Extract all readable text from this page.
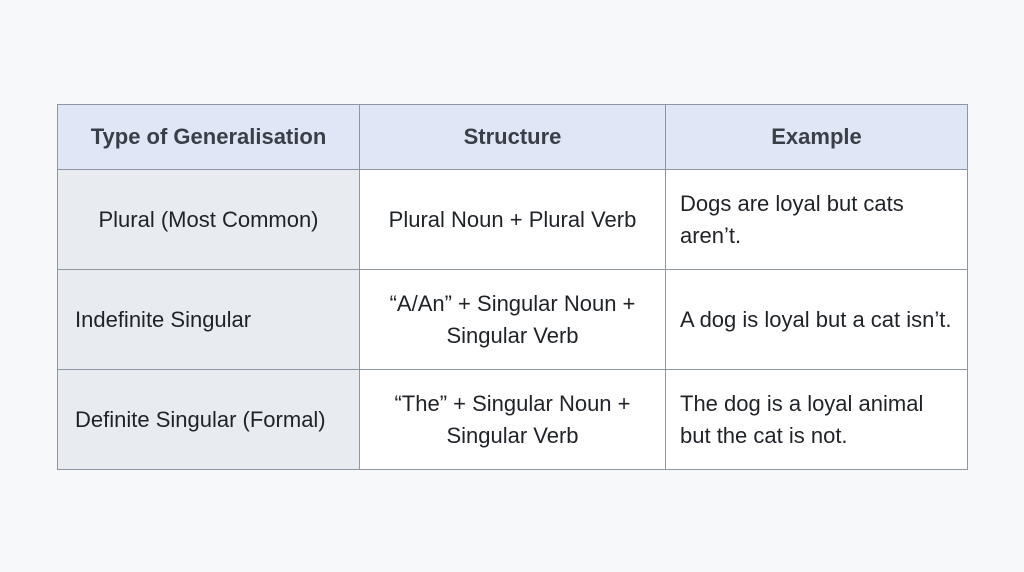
Type of Generalisation	Structure	Example
Plural (Most Common)	Plural Noun + Plural Verb	Dogs are loyal but cats aren’t.
Indefinite Singular	“A/An” + Singular Noun + Singular Verb	A dog is loyal but a cat isn’t.
Definite Singular (Formal)	“The” + Singular Noun + Singular Verb	The dog is a loyal animal but the cat is not.
